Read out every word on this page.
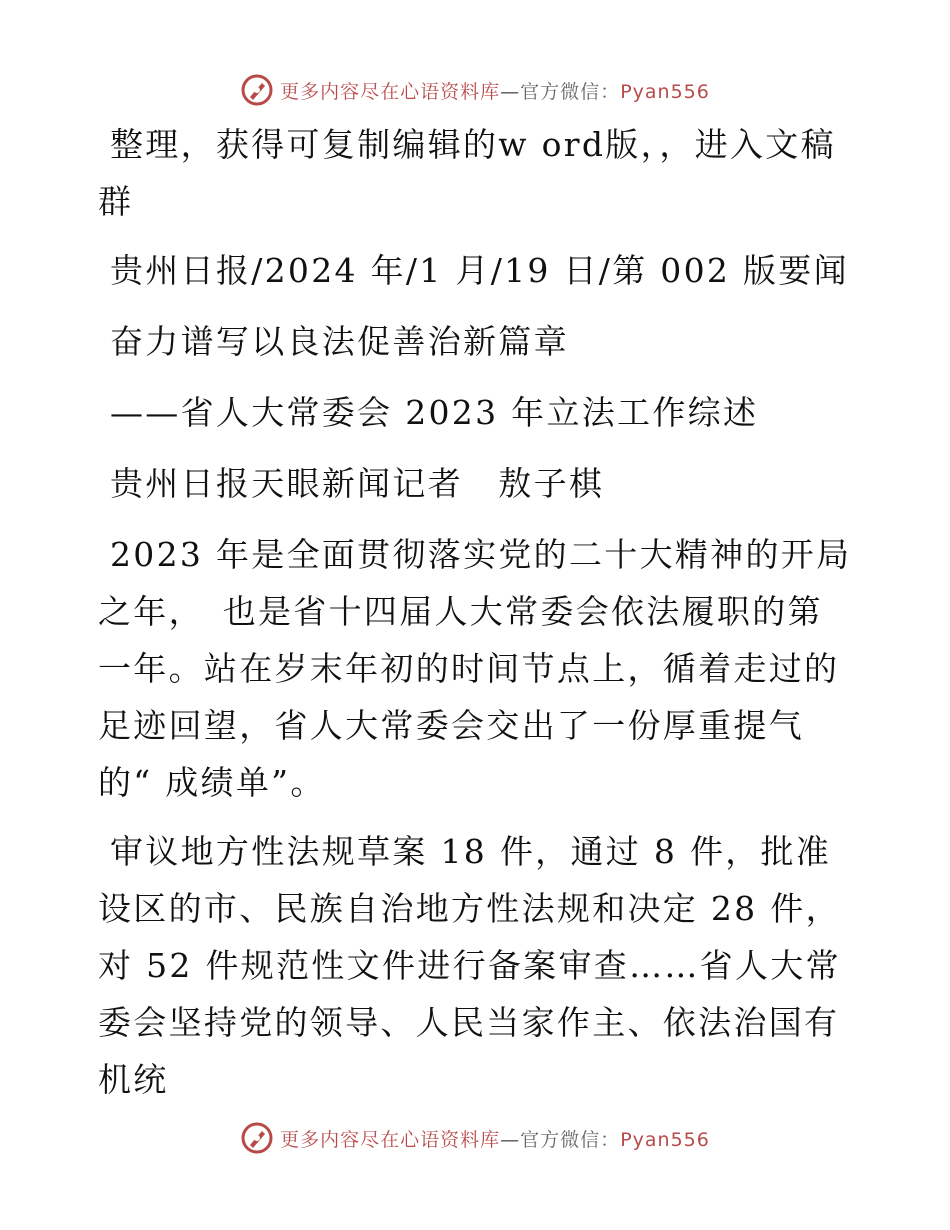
更多内容尽在心语资料库—官方微信：Pyan556

整理，获得可复制编辑的w ord版，，进入文稿群

贵州日报/2024 年/1 月/19 日/第 002 版要闻

奋力谱写以良法促善治新篇章

——省人大常委会 2023 年立法工作综述

贵州日报天眼新闻记者　敖子棋

2023 年是全面贯彻落实党的二十大精神的开局之年，　也是省十四届人大常委会依法履职的第一年。站在岁末年初的时间节点上，循着走过的足迹回望，省人大常委会交出了一份厚重提气的“ 成绩单”。

审议地方性法规草案 18 件，通过 8 件，批准设区的市、民族自治地方性法规和决定 28 件，对 52 件规范性文件进行备案审查……省人大常委会坚持党的领导、人民当家作主、依法治国有机统

更多内容尽在心语资料库—官方微信：Pyan556
